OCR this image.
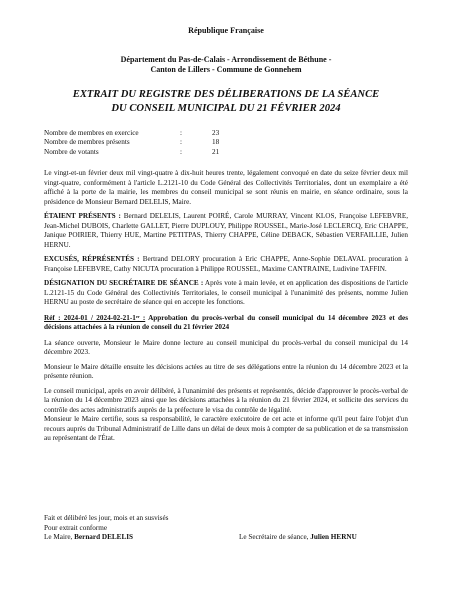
République Française
Département du Pas-de-Calais - Arrondissement de Béthune -
Canton de Lillers - Commune de Gonnehem
EXTRAIT DU REGISTRE DES DÉLIBERATIONS DE LA SÉANCE
DU CONSEIL MUNICIPAL DU 21 FÉVRIER 2024
Nombre de membres en exercice	:	23
Nombre de membres présents	:	18
Nombre de votants	:	21

Le vingt-et-un février deux mil vingt-quatre à dix-huit heures trente, légalement convoqué en date du seize février deux mil vingt-quatre, conformément à l'article L.2121-10 du Code Général des Collectivités Territoriales, dont un exemplaire a été affiché à la porte de la mairie, les membres du conseil municipal se sont réunis en mairie, en séance ordinaire, sous la présidence de Monsieur Bernard DELELIS, Maire.

ÉTAIENT PRÉSENTS : Bernard DELELIS, Laurent POIRÉ, Carole MURRAY, Vincent KLOS, Françoise LEFEBVRE, Jean-Michel DUBOIS, Charlette GALLET, Pierre DUPLOUY, Philippe ROUSSEL, Marie-José LECLERCQ, Eric CHAPPE, Janique POIRIER, Thierry HUE, Martine PETITPAS, Thierry CHAPPE, Céline DEBACK, Sébastien VERFAILLIE, Julien HERNU.

EXCUSÉS, RÉPRÉSENTÉS : Bertrand DELORY procuration à Eric CHAPPE, Anne-Sophie DELAVAL procuration à Françoise LEFEBVRE, Cathy NICUTA procuration à Philippe ROUSSEL, Maxime CANTRAINE, Ludivine TAFFIN.

DÉSIGNATION DU SECRÉTAIRE DE SÉANCE : Après vote à main levée, et en application des dispositions de l'article L.2121-15 du Code Général des Collectivités Territoriales, le conseil municipal à l'unanimité des présents, nomme Julien HERNU au poste de secrétaire de séance qui en accepte les fonctions.

Réf : 2024-01 / 2024-02-21-1ᵉʳ : Approbation du procès-verbal du conseil municipal du 14 décembre 2023 et des décisions attachées à la réunion de conseil du 21 février 2024

La séance ouverte, Monsieur le Maire donne lecture au conseil municipal du procès-verbal du conseil municipal du 14 décembre 2023.

Monsieur le Maire détaille ensuite les décisions actées au titre de ses délégations entre la réunion du 14 décembre 2023 et la présente réunion.

Le conseil municipal, après en avoir délibéré, à l'unanimité des présents et représentés, décide d'approuver le procès-verbal de la réunion du 14 décembre 2023 ainsi que les décisions attachées à la réunion du 21 février 2024, et sollicite des services du contrôle des actes administratifs auprès de la préfecture le visa du contrôle de légalité.
Monsieur le Maire certifie, sous sa responsabilité, le caractère exécutoire de cet acte et informe qu'il peut faire l'objet d'un recours auprès du Tribunal Administratif de Lille dans un délai de deux mois à compter de sa publication et de sa transmission au représentant de l'État.

Fait et délibéré les jour, mois et an susvisés
Pour extrait conforme
Le Maire, Bernard DELELIS	Le Secrétaire de séance, Julien HERNU
